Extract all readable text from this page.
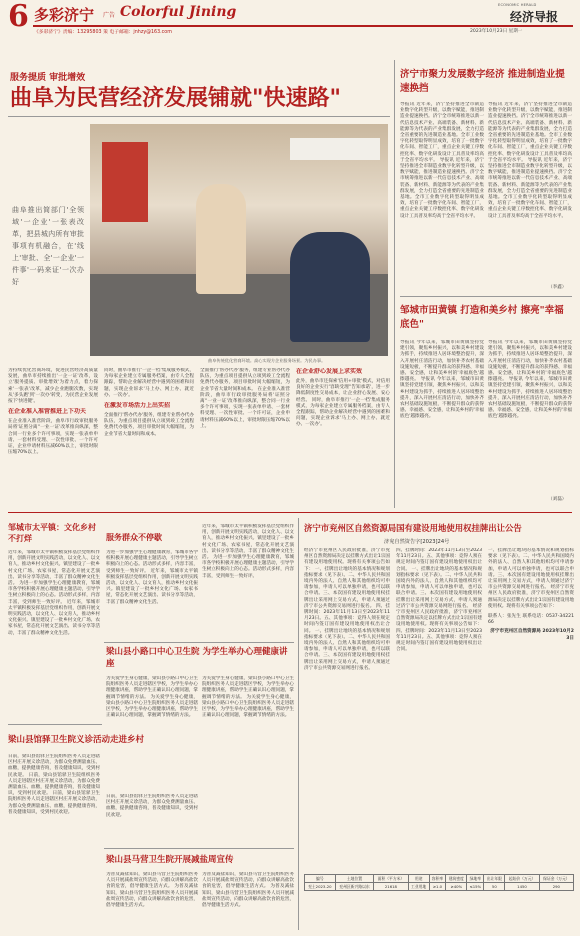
6 多彩济宁 广告 Colorful Jining	ECONOMIC HERALD
经济导报
《多彩济宁》责编：13295803 策 电子邮箱：jnhzy@163.com	2023年10月23日 星期一
服务提质 审批增效
曲阜为民营经济发展铺就"快速路"
曲阜传统优化营商环境。高心实现方企业服务场景。为民办事。
曲阜推出简部门'全领域'一企业'一张表改革，把县城内所有审批事项有机融合，在'线上'审批、全'一企业'一件事'一码来证'一次办好
为持续优化营商环境，促进民营经济高质量发展，曲阜市持续推出'一企一证'改革，设立'服务提质、审批增效'为着力点，着力探索'一张表'改革，减少企业跑腿次数，实现从'多头跑'到'一次办'转变，为民营企业发展按下'快进键'。
在企业准入准营推进上下功夫
在企业准入准营阶段，曲阜市行政审批服务局将'证照分离''一业一证'改革推向纵深，整合同一行业多个许可事项，实现一张表单申请、一套材料受理、一次性审批、一个许可证，企业申请材料压减60%以上，审批时限压缩70%以上。
同时，曲阜市推行'一企一档'集成服务模式，为每家企业建立专属服务档案，由专人全程跟踪，帮助企业解决经营中遇到的困难和问题，实现企业诉求'马上办、网上办、就近办、一次办'。
在激发市场活力上出实招
全面推行'帮办代办'服务，组建专业帮办代办队伍，为重点项目提供从立项到竣工全流程免费代办服务，项目审批时间大幅缩短，为企业节省大量时间和成本。
全面推行'帮办代办'服务，组建专业帮办代办队伍，为重点项目提供从立项到竣工全流程免费代办服务，项目审批时间大幅缩短，为企业节省大量时间和成本。 在企业准入准营阶段，曲阜市行政审批服务局将'证照分离''一业一证'改革推向纵深，整合同一行业多个许可事项，实现一张表单申请、一套材料受理、一次性审批、一个许可证，企业申请材料压减60%以上，审批时限压缩70%以上。
在企业舒心发展上求实效
此外，曲阜市还探索'信用+审批'模式，对信用良好的企业实行'容缺受理''告知承诺'，进一步降低制度性交易成本，让企业舒心发展、安心经营。 同时，曲阜市推行'一企一档'集成服务模式，为每家企业建立专属服务档案，由专人全程跟踪，帮助企业解决经营中遇到的困难和问题，实现企业诉求'马上办、网上办、就近办、一次办'。
济宁市聚力发展数字经济 推进制造业提速换挡
导报讯 近年来，济宁坚持推进全市制造业数字化转型升级，以数字赋能，推进制造业提速换挡。济宁全市统筹推进以新一代信息技术产业、高端装备、新材料、新能源等为代表的产业集群发展，全力打造全省重要的先进制造业基地。全市工业数字化转型取得明显成效，培育了一批数字化车间、智能工厂，重点企业关键工序数控化率、数字化研发设计工具普及率均高于全省平均水平。 导报讯 近年来，济宁坚持推进全市制造业数字化转型升级，以数字赋能，推进制造业提速换挡。济宁全市统筹推进以新一代信息技术产业、高端装备、新材料、新能源等为代表的产业集群发展，全力打造全省重要的先进制造业基地。全市工业数字化转型取得明显成效，培育了一批数字化车间、智能工厂，重点企业关键工序数控化率、数字化研发设计工具普及率均高于全省平均水平。
导报讯 近年来，济宁坚持推进全市制造业数字化转型升级，以数字赋能，推进制造业提速换挡。济宁全市统筹推进以新一代信息技术产业、高端装备、新材料、新能源等为代表的产业集群发展，全力打造全省重要的先进制造业基地。全市工业数字化转型取得明显成效，培育了一批数字化车间、智能工厂，重点企业关键工序数控化率、数字化研发设计工具普及率均高于全省平均水平。 导报讯 近年来，济宁坚持推进全市制造业数字化转型升级，以数字赋能，推进制造业提速换挡。济宁全市统筹推进以新一代信息技术产业、高端装备、新材料、新能源等为代表的产业集群发展，全力打造全省重要的先进制造业基地。全市工业数字化转型取得明显成效，培育了一批数字化车间、智能工厂，重点企业关键工序数控化率、数字化研发设计工具普及率均高于全省平均水平。
（李鑫）
邹城市田黄镇 打造和美乡村 擦亮"幸福底色"
导报讯 今年以来，邹城市田黄镇坚持党建引领，聚焦乡村振兴，以和美乡村建设为抓手，持续推进人居环境整治提升，深入开展村庄清洁行动，加快补齐农村基础设施短板，不断提升群众的获得感、幸福感、安全感，让和美乡村的'幸福底色'越擦越亮。 导报讯 今年以来，邹城市田黄镇坚持党建引领，聚焦乡村振兴，以和美乡村建设为抓手，持续推进人居环境整治提升，深入开展村庄清洁行动，加快补齐农村基础设施短板，不断提升群众的获得感、幸福感、安全感，让和美乡村的'幸福底色'越擦越亮。
导报讯 今年以来，邹城市田黄镇坚持党建引领，聚焦乡村振兴，以和美乡村建设为抓手，持续推进人居环境整治提升，深入开展村庄清洁行动，加快补齐农村基础设施短板，不断提升群众的获得感、幸福感、安全感，让和美乡村的'幸福底色'越擦越亮。 导报讯 今年以来，邹城市田黄镇坚持党建引领，聚焦乡村振兴，以和美乡村建设为抓手，持续推进人居环境整治提升，深入开展村庄清洁行动，加快补齐农村基础设施短板，不断提升群众的获得感、幸福感、安全感，让和美乡村的'幸福底色'越擦越亮。
（刘磊）
邹城市太平镇：文化乡村不打烊
近年来，邹城市太平镇积极发挥基层党组织作用，创新开展文明实践活动，以文化人、以文育人，推动乡村文化振兴。镇里建设了一批乡村文化广场、农家书屋，常态化开展文艺演出、读书分享等活动，丰富了群众精神文化生活。 为进一步加强学生心理健康教育，邹城市各学校积极开展心理健康主题活动，引导学生树立积极向上的心态。活动形式多样，内容丰富，受到师生一致好评。 近年来，邹城市太平镇积极发挥基层党组织作用，创新开展文明实践活动，以文化人、以文育人，推动乡村文化振兴。镇里建设了一批乡村文化广场、农家书屋，常态化开展文艺演出、读书分享等活动，丰富了群众精神文化生活。
服务群众不停歇
为进一步加强学生心理健康教育，邹城市各学校积极开展心理健康主题活动，引导学生树立积极向上的心态。活动形式多样，内容丰富，受到师生一致好评。 近年来，邹城市太平镇积极发挥基层党组织作用，创新开展文明实践活动，以文化人、以文育人，推动乡村文化振兴。镇里建设了一批乡村文化广场、农家书屋，常态化开展文艺演出、读书分享等活动，丰富了群众精神文化生活。
近年来，邹城市太平镇积极发挥基层党组织作用，创新开展文明实践活动，以文化人、以文育人，推动乡村文化振兴。镇里建设了一批乡村文化广场、农家书屋，常态化开展文艺演出、读书分享等活动，丰富了群众精神文化生活。 为进一步加强学生心理健康教育，邹城市各学校积极开展心理健康主题活动，引导学生树立积极向上的心态。活动形式多样，内容丰富，受到师生一致好评。
梁山县小路口中心卫生院 为学生举办心理健康讲座
为关爱学生身心健康，梁山县小路口中心卫生院组织医务人员走进辖区学校，为学生举办心理健康讲座，帮助学生正确认识心理问题，掌握调节情绪的方法。 为关爱学生身心健康，梁山县小路口中心卫生院组织医务人员走进辖区学校，为学生举办心理健康讲座，帮助学生正确认识心理问题，掌握调节情绪的方法。
为关爱学生身心健康，梁山县小路口中心卫生院组织医务人员走进辖区学校，为学生举办心理健康讲座，帮助学生正确认识心理问题，掌握调节情绪的方法。 为关爱学生身心健康，梁山县小路口中心卫生院组织医务人员走进辖区学校，为学生举办心理健康讲座，帮助学生正确认识心理问题，掌握调节情绪的方法。
梁山县馆驿卫生院义诊活动走进乡村
日前，梁山县馆驿卫生院组织医务人员走进辖区村庄开展义诊活动，为群众免费测量血压、血糖，提供健康咨询，普及健康知识，受到村民欢迎。 日前，梁山县馆驿卫生院组织医务人员走进辖区村庄开展义诊活动，为群众免费测量血压、血糖，提供健康咨询，普及健康知识，受到村民欢迎。 日前，梁山县馆驿卫生院组织医务人员走进辖区村庄开展义诊活动，为群众免费测量血压、血糖，提供健康咨询，普及健康知识，受到村民欢迎。
日前，梁山县馆驿卫生院组织医务人员走进辖区村庄开展义诊活动，为群众免费测量血压、血糖，提供健康咨询，普及健康知识，受到村民欢迎。
梁山县马营卫生院开展减盐周宣传
为普及减盐知识，梁山县马营卫生院组织医务人员开展减盐周宣传活动，向群众讲解高盐饮食的危害，倡导健康生活方式。 为普及减盐知识，梁山县马营卫生院组织医务人员开展减盐周宣传活动，向群众讲解高盐饮食的危害，倡导健康生活方式。
为普及减盐知识，梁山县马营卫生院组织医务人员开展减盐周宣传活动，向群众讲解高盐饮食的危害，倡导健康生活方式。 为普及减盐知识，梁山县马营卫生院组织医务人员开展减盐周宣传活动，向群众讲解高盐饮食的危害，倡导健康生活方式。
济宁市兖州区自然资源局国有建设用地使用权挂牌出让公告
济兖自然资告字[2023]24号
经济宁市兖州区人民政府批准，济宁市兖州区自然资源局决定以挂牌方式出让1宗国有建设用地使用权。现将有关事项公告如下： 一、挂牌出让地块的基本情况和规划指标要求（见下表）。二、中华人民共和国境内外的法人、自然人和其他组织均可申请参加，申请人可以单独申请，也可以联合申请。三、本次国有建设用地使用权挂牌出让采用网上交易方式，申请人须通过济宁市公共资源交易网进行报名。 四、挂牌时间：2023年11月13日至2023年11月23日。五、其他事项：竞得人须在规定时间内签订国有建设用地使用权出让合同。 一、挂牌出让地块的基本情况和规划指标要求（见下表）。二、中华人民共和国境内外的法人、自然人和其他组织均可申请参加，申请人可以单独申请，也可以联合申请。三、本次国有建设用地使用权挂牌出让采用网上交易方式，申请人须通过济宁市公共资源交易网进行报名。
四、挂牌时间：2023年11月13日至2023年11月23日。五、其他事项：竞得人须在规定时间内签订国有建设用地使用权出让合同。 一、挂牌出让地块的基本情况和规划指标要求（见下表）。二、中华人民共和国境内外的法人、自然人和其他组织均可申请参加，申请人可以单独申请，也可以联合申请。三、本次国有建设用地使用权挂牌出让采用网上交易方式，申请人须通过济宁市公共资源交易网进行报名。 经济宁市兖州区人民政府批准，济宁市兖州区自然资源局决定以挂牌方式出让1宗国有建设用地使用权。现将有关事项公告如下： 四、挂牌时间：2023年11月13日至2023年11月23日。五、其他事项：竞得人须在规定时间内签订国有建设用地使用权出让合同。
一、挂牌出让地块的基本情况和规划指标要求（见下表）。二、中华人民共和国境内外的法人、自然人和其他组织均可申请参加，申请人可以单独申请，也可以联合申请。三、本次国有建设用地使用权挂牌出让采用网上交易方式，申请人须通过济宁市公共资源交易网进行报名。 经济宁市兖州区人民政府批准，济宁市兖州区自然资源局决定以挂牌方式出让1宗国有建设用地使用权。现将有关事项公告如下：
联系人：张先生 联系电话：0537-3422166
济宁市兖州区自然资源局 2023年10月23日
编号	土地位置	面积（平方米）	用途	容积率	建筑密度	绿地率	出让年限	起始价（万元）	保证金（万元）
兖土2023-20	兖州区新兴路以东	21618	工业用地	≥1.0	≥40%	≤15%	50	1450	290
